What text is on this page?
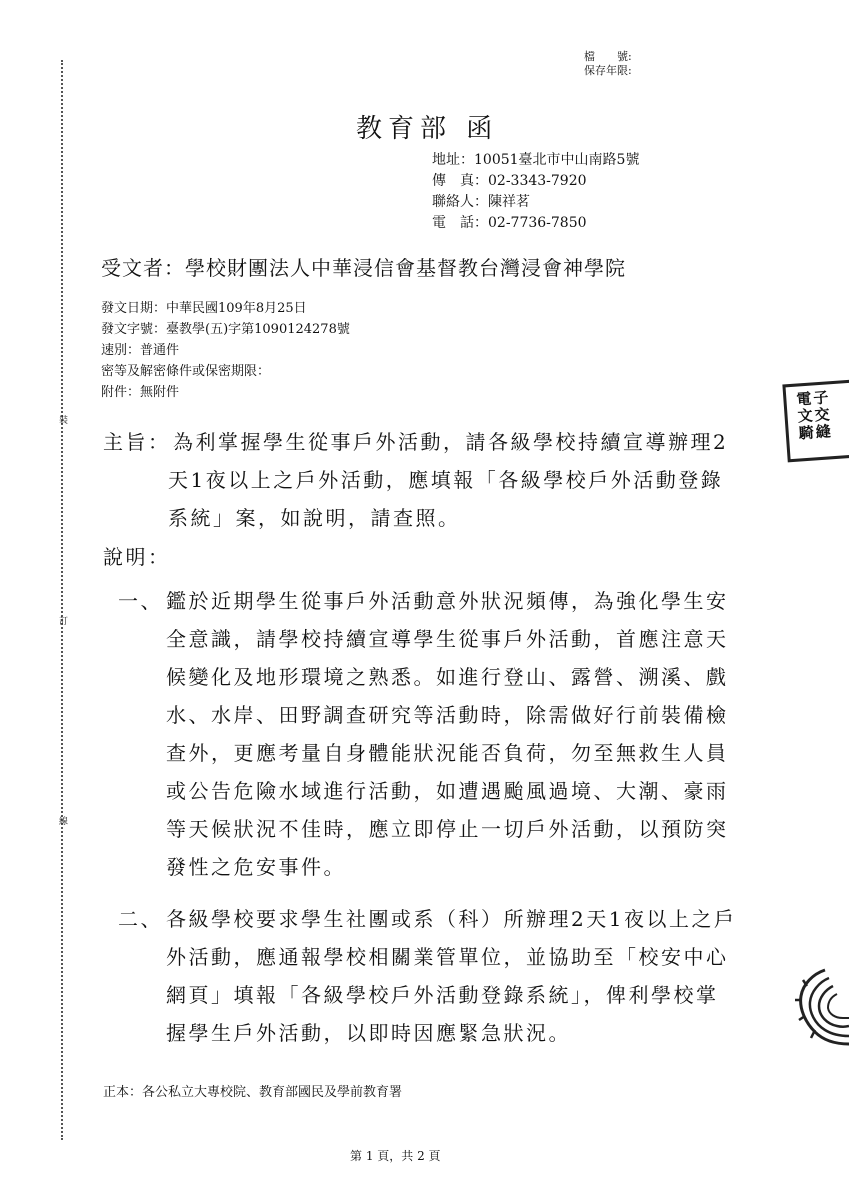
裝
訂
線
檔　　號:
保存年限:
教育部 函
地址：10051臺北市中山南路5號
傳　真：02-3343-7920
聯絡人：陳祥茗
電　話：02-7736-7850
受文者：學校財團法人中華浸信會基督教台灣浸會神學院
發文日期：中華民國109年8月25日
發文字號：臺教學(五)字第1090124278號
速別：普通件
密等及解密條件或保密期限：
附件：無附件
主旨： 為利掌握學生從事戶外活動，請各級學校持續宣導辦理2
天1夜以上之戶外活動，應填報「各級學校戶外活動登錄
系統」案，如說明，請查照。
說明：
一、 鑑於近期學生從事戶外活動意外狀況頻傳，為強化學生安
全意識，請學校持續宣導學生從事戶外活動，首應注意天
候變化及地形環境之熟悉。如進行登山、露營、溯溪、戲
水、水岸、田野調查研究等活動時，除需做好行前裝備檢
查外，更應考量自身體能狀況能否負荷，勿至無救生人員
或公告危險水域進行活動，如遭遇颱風過境、大潮、豪雨
等天候狀況不佳時，應立即停止一切戶外活動，以預防突
發性之危安事件。
二、 各級學校要求學生社團或系（科）所辦理2天1夜以上之戶
外活動，應通報學校相關業管單位，並協助至「校安中心
網頁」填報「各級學校戶外活動登錄系統」，俾利學校掌
握學生戶外活動，以即時因應緊急狀況。
正本：各公私立大專校院、教育部國民及學前教育署
第 1 頁，共 2 頁
電子
文交
騎縫
